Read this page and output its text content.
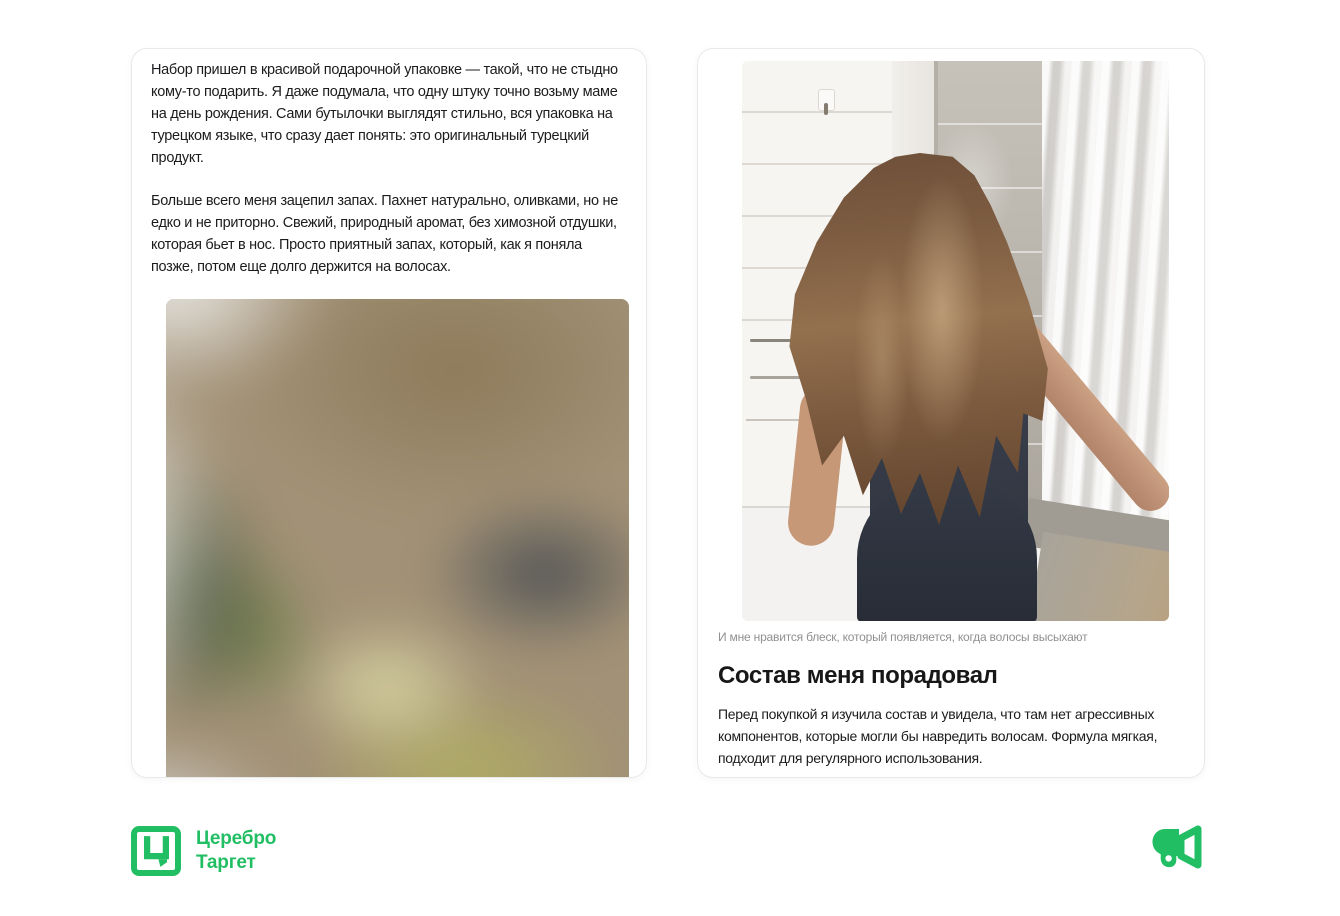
Набор пришел в красивой подарочной упаковке — такой, что не стыдно кому-то подарить. Я даже подумала, что одну штуку точно возьму маме на день рождения. Сами бутылочки выглядят стильно, вся упаковка на турецком языке, что сразу дает понять: это оригинальный турецкий продукт.

Больше всего меня зацепил запах. Пахнет натурально, оливками, но не едко и не приторно. Свежий, природный аромат, без химозной отдушки, которая бьет в нос. Просто приятный запах, который, как я поняла позже, потом еще долго держится на волосах.

И мне нравится блеск, который появляется, когда волосы высыхают
Состав меня порадовал

Перед покупкой я изучила состав и увидела, что там нет агрессивных компонентов, которые могли бы навредить волосам. Формула мягкая, подходит для регулярного использования.

Церебро
Таргет
